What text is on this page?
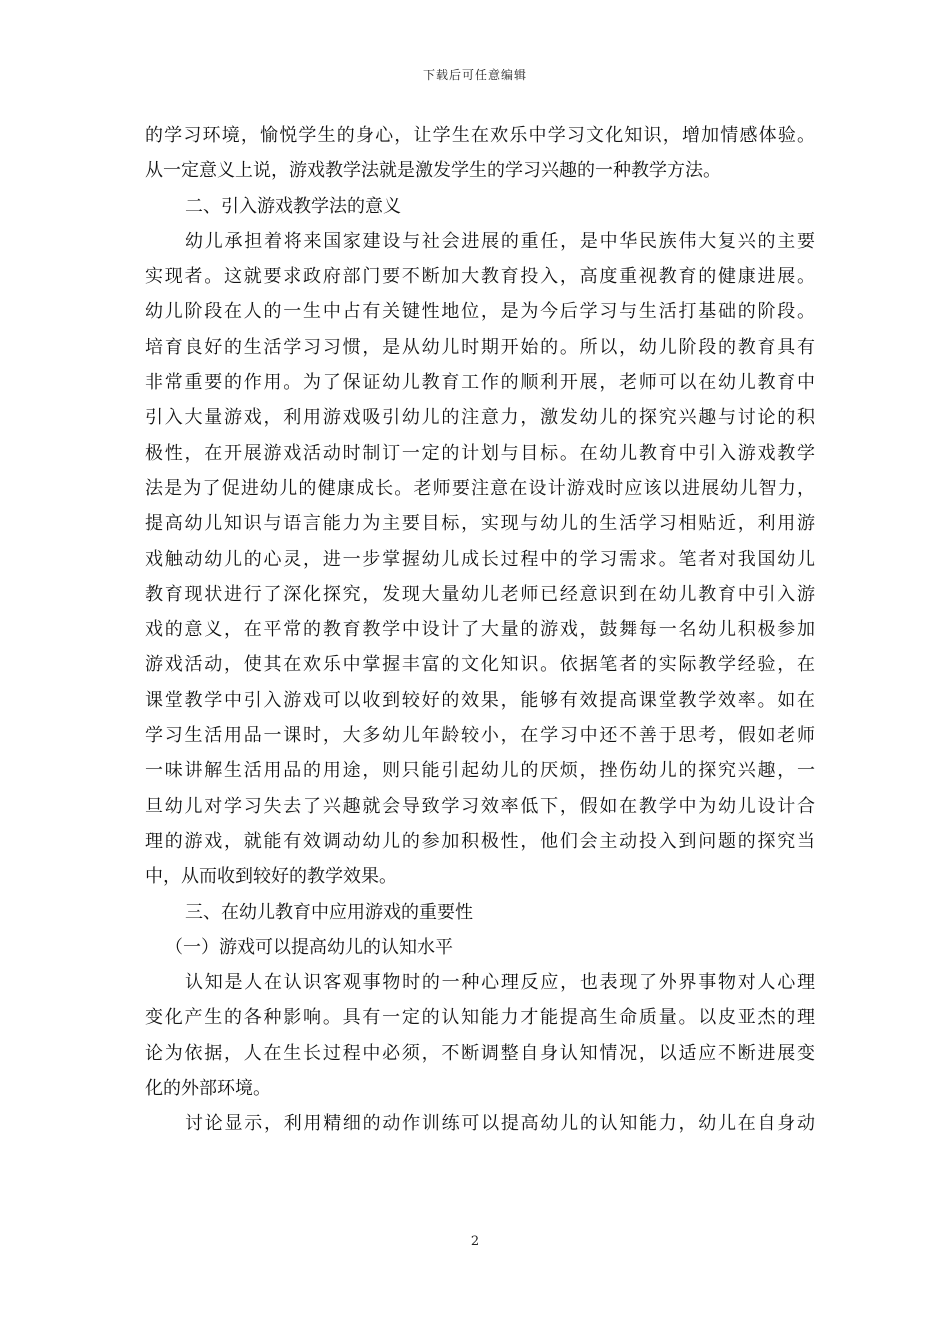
下载后可任意编辑
的学习环境，愉悦学生的身心，让学生在欢乐中学习文化知识，增加情感体验。
从一定意义上说，游戏教学法就是激发学生的学习兴趣的一种教学方法。
二、引入游戏教学法的意义
幼儿承担着将来国家建设与社会进展的重任，是中华民族伟大复兴的主要
实现者。这就要求政府部门要不断加大教育投入，高度重视教育的健康进展。
幼儿阶段在人的一生中占有关键性地位，是为今后学习与生活打基础的阶段。
培育良好的生活学习习惯，是从幼儿时期开始的。所以，幼儿阶段的教育具有
非常重要的作用。为了保证幼儿教育工作的顺利开展，老师可以在幼儿教育中
引入大量游戏，利用游戏吸引幼儿的注意力，激发幼儿的探究兴趣与讨论的积
极性，在开展游戏活动时制订一定的计划与目标。在幼儿教育中引入游戏教学
法是为了促进幼儿的健康成长。老师要注意在设计游戏时应该以进展幼儿智力，
提高幼儿知识与语言能力为主要目标，实现与幼儿的生活学习相贴近，利用游
戏触动幼儿的心灵，进一步掌握幼儿成长过程中的学习需求。笔者对我国幼儿
教育现状进行了深化探究，发现大量幼儿老师已经意识到在幼儿教育中引入游
戏的意义，在平常的教育教学中设计了大量的游戏，鼓舞每一名幼儿积极参加
游戏活动，使其在欢乐中掌握丰富的文化知识。依据笔者的实际教学经验，在
课堂教学中引入游戏可以收到较好的效果，能够有效提高课堂教学效率。如在
学习生活用品一课时，大多幼儿年龄较小，在学习中还不善于思考，假如老师
一味讲解生活用品的用途，则只能引起幼儿的厌烦，挫伤幼儿的探究兴趣，一
旦幼儿对学习失去了兴趣就会导致学习效率低下，假如在教学中为幼儿设计合
理的游戏，就能有效调动幼儿的参加积极性，他们会主动投入到问题的探究当
中，从而收到较好的教学效果。
三、在幼儿教育中应用游戏的重要性
（一）游戏可以提高幼儿的认知水平
认知是人在认识客观事物时的一种心理反应，也表现了外界事物对人心理
变化产生的各种影响。具有一定的认知能力才能提高生命质量。以皮亚杰的理
论为依据，人在生长过程中必须，不断调整自身认知情况，以适应不断进展变
化的外部环境。
讨论显示，利用精细的动作训练可以提高幼儿的认知能力，幼儿在自身动
2
